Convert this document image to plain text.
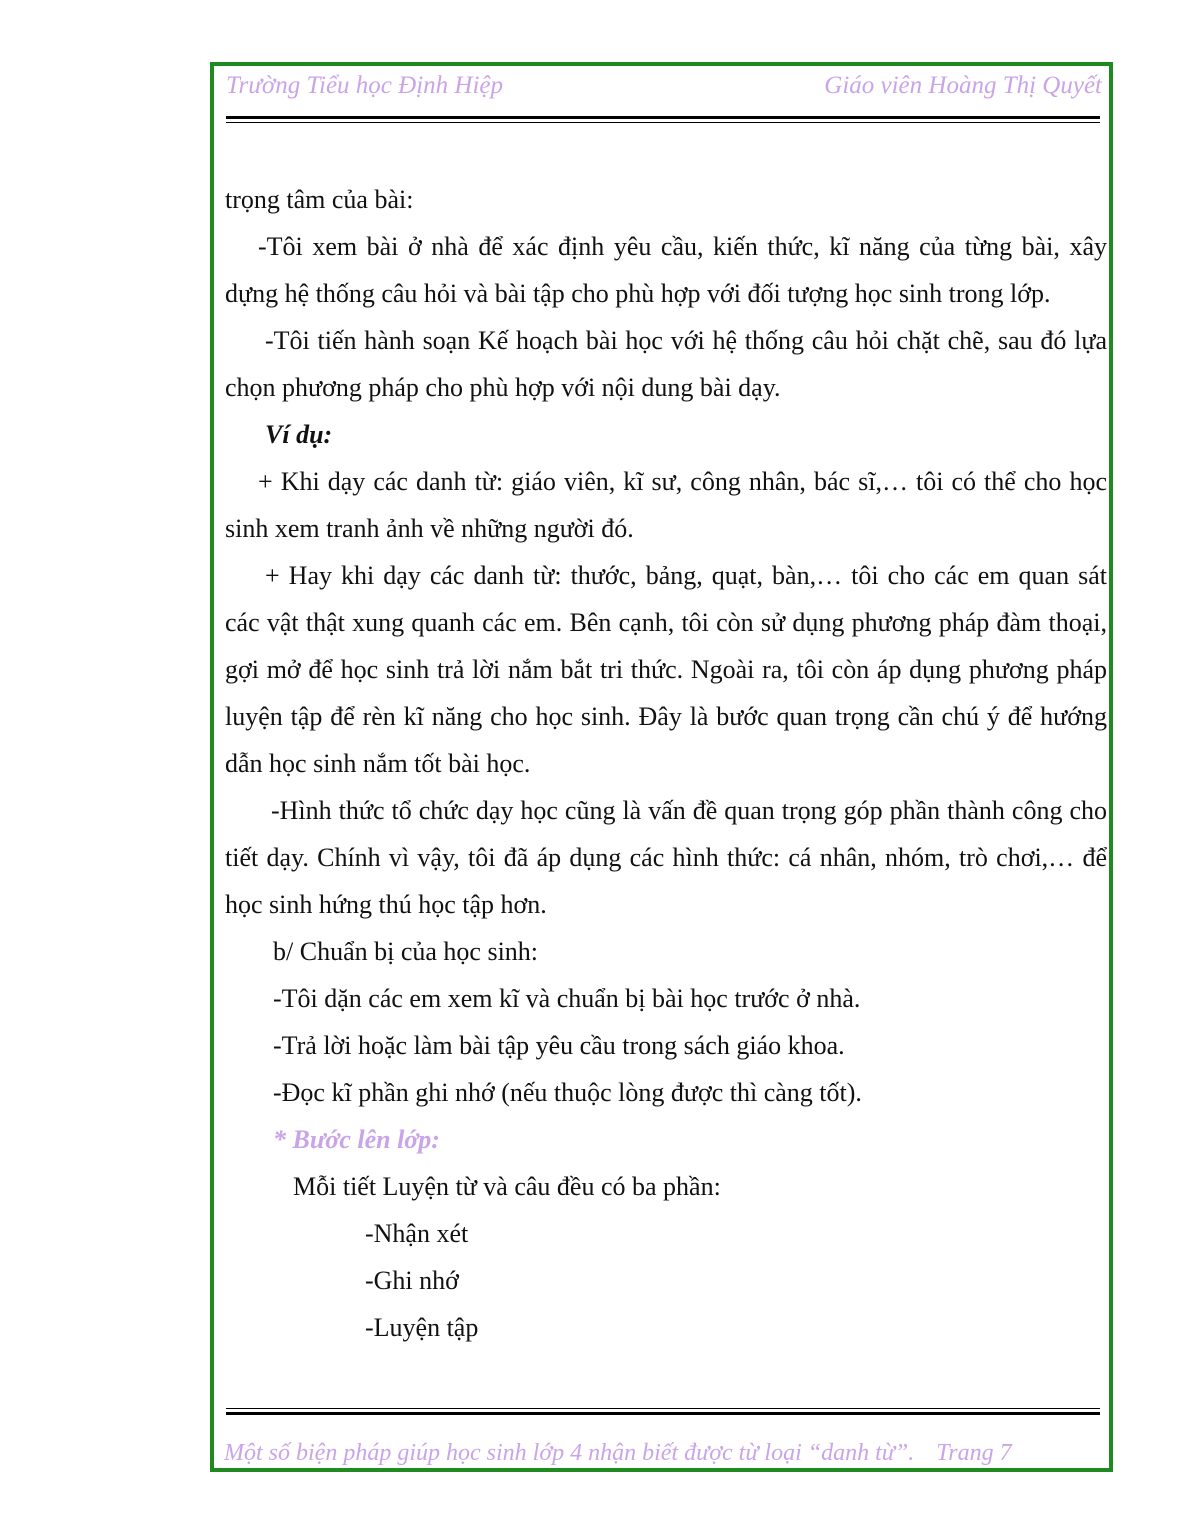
Trường Tiểu học Định Hiệp	Giáo viên Hoàng Thị Quyết

trọng tâm của bài:

-Tôi xem bài ở nhà để xác định yêu cầu, kiến thức, kĩ năng của từng bài, xây dựng hệ thống câu hỏi và bài tập cho phù hợp với đối tượng học sinh trong lớp.

-Tôi tiến hành soạn Kế hoạch bài học với hệ thống câu hỏi chặt chẽ, sau đó lựa chọn phương pháp cho phù hợp với nội dung bài dạy.

Ví dụ:

+ Khi dạy các danh từ: giáo viên, kĩ sư, công nhân, bác sĩ,… tôi có thể cho học sinh xem tranh ảnh về những người đó.

+ Hay khi dạy các danh từ: thước, bảng, quạt, bàn,… tôi cho các em quan sát các vật thật xung quanh các em. Bên cạnh, tôi còn sử dụng phương pháp đàm thoại, gợi mở để học sinh trả lời nắm bắt tri thức. Ngoài ra, tôi còn áp dụng phương pháp luyện tập để rèn kĩ năng cho học sinh. Đây là bước quan trọng cần chú ý để hướng dẫn học sinh nắm tốt bài học.

-Hình thức tổ chức dạy học cũng là vấn đề quan trọng góp phần thành công cho tiết dạy. Chính vì vậy, tôi đã áp dụng các hình thức: cá nhân, nhóm, trò chơi,… để học sinh hứng thú học tập hơn.

b/ Chuẩn bị của học sinh:

-Tôi dặn các em xem kĩ và chuẩn bị bài học trước ở nhà.

-Trả lời hoặc làm bài tập yêu cầu trong sách giáo khoa.

-Đọc kĩ phần ghi nhớ (nếu thuộc lòng được thì càng tốt).

* Bước lên lớp:

Mỗi tiết Luyện từ và câu đều có ba phần:

-Nhận xét

-Ghi nhớ

-Luyện tập

Một số biện pháp giúp học sinh lớp 4 nhận biết được từ loại “danh từ”. Trang 7
